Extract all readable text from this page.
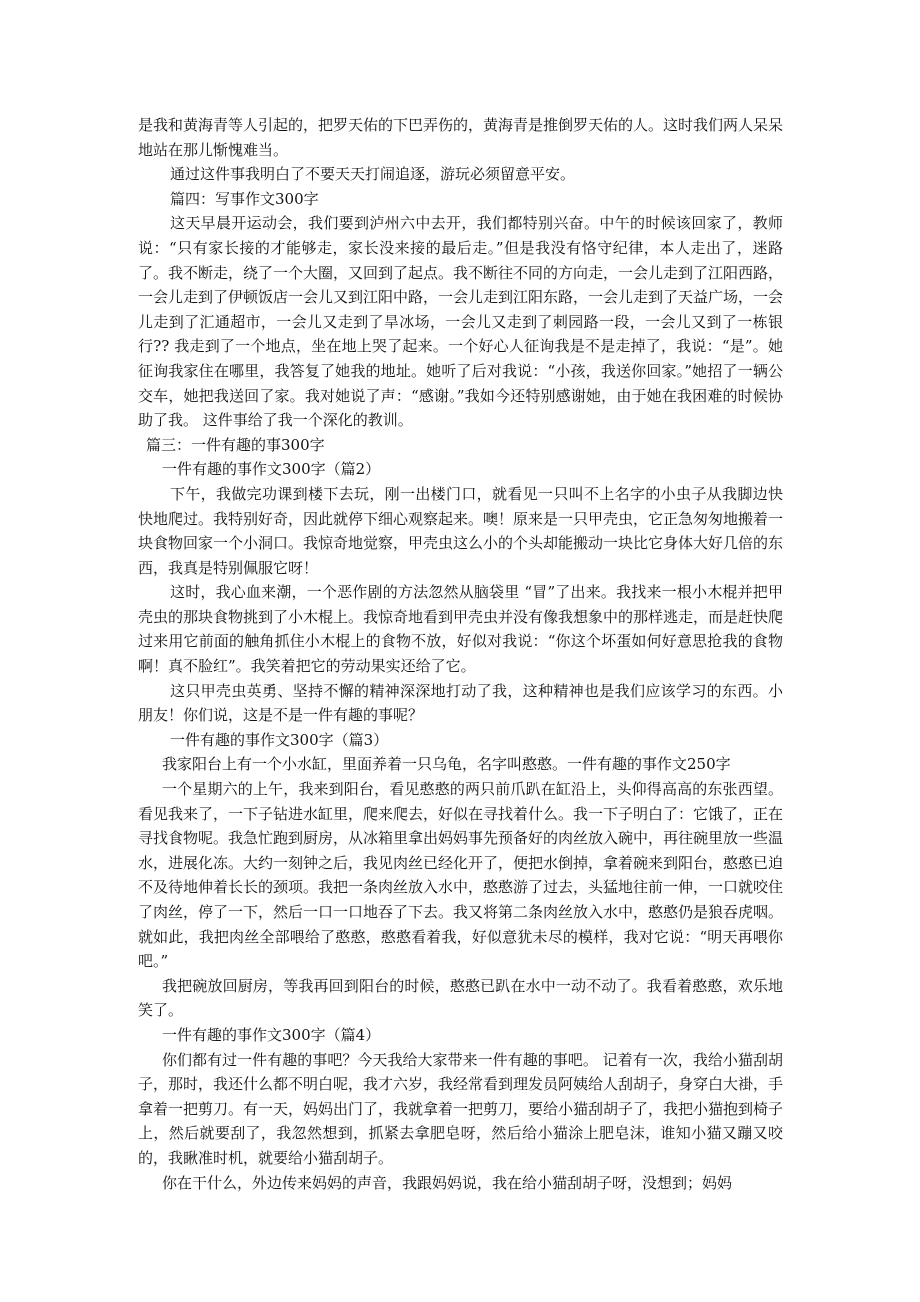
是我和黄海青等人引起的，把罗天佑的下巴弄伤的，黄海青是推倒罗天佑的人。这时我们两人呆呆地站在那儿惭愧难当。

通过这件事我明白了不要天天打闹追逐，游玩必须留意平安。

篇四：写事作文300字

这天早晨开运动会，我们要到泸州六中去开，我们都特别兴奋。中午的时候该回家了，教师说：“只有家长接的才能够走，家长没来接的最后走。”但是我没有恪守纪律，本人走出了，迷路了。我不断走，绕了一个大圈，又回到了起点。我不断往不同的方向走，一会儿走到了江阳西路，一会儿走到了伊顿饭店一会儿又到江阳中路，一会儿走到江阳东路，一会儿走到了天益广场，一会儿走到了汇通超市，一会儿又走到了旱冰场，一会儿又走到了刺园路一段，一会儿又到了一栋银行?? 我走到了一个地点，坐在地上哭了起来。一个好心人征询我是不是走掉了，我说：“是”。她征询我家住在哪里，我答复了她我的地址。她听了后对我说：“小孩，我送你回家。”她招了一辆公交车，她把我送回了家。我对她说了声：“感谢。”我如今还特别感谢她，由于她在我困难的时候协助了我。 这件事给了我一个深化的教训。

篇三：一件有趣的事300字

一件有趣的事作文300字（篇2）

下午，我做完功课到楼下去玩，刚一出楼门口，就看见一只叫不上名字的小虫子从我脚边快快地爬过。我特别好奇，因此就停下细心观察起来。噢！原来是一只甲壳虫，它正急匆匆地搬着一块食物回家一个小洞口。我惊奇地觉察，甲壳虫这么小的个头却能搬动一块比它身体大好几倍的东西，我真是特别佩服它呀！

这时，我心血来潮，一个恶作剧的方法忽然从脑袋里 “冒”了出来。我找来一根小木棍并把甲壳虫的那块食物挑到了小木棍上。我惊奇地看到甲壳虫并没有像我想象中的那样逃走，而是赶快爬过来用它前面的触角抓住小木棍上的食物不放，好似对我说：“你这个坏蛋如何好意思抢我的食物啊！真不脸红”。我笑着把它的劳动果实还给了它。

这只甲壳虫英勇、坚持不懈的精神深深地打动了我，这种精神也是我们应该学习的东西。小朋友！你们说，这是不是一件有趣的事呢？

一件有趣的事作文300字（篇3）

我家阳台上有一个小水缸，里面养着一只乌龟，名字叫憨憨。一件有趣的事作文250字

一个星期六的上午，我来到阳台，看见憨憨的两只前爪趴在缸沿上，头仰得高高的东张西望。看见我来了，一下子钻进水缸里，爬来爬去，好似在寻找着什么。我一下子明白了：它饿了，正在寻找食物呢。我急忙跑到厨房，从冰箱里拿出妈妈事先预备好的肉丝放入碗中，再往碗里放一些温水，进展化冻。大约一刻钟之后，我见肉丝已经化开了，便把水倒掉，拿着碗来到阳台，憨憨已迫不及待地伸着长长的颈项。我把一条肉丝放入水中，憨憨游了过去，头猛地往前一伸，一口就咬住了肉丝，停了一下，然后一口一口地吞了下去。我又将第二条肉丝放入水中，憨憨仍是狼吞虎咽。就如此，我把肉丝全部喂给了憨憨，憨憨看着我，好似意犹未尽的模样，我对它说：“明天再喂你吧。”

我把碗放回厨房，等我再回到阳台的时候，憨憨已趴在水中一动不动了。我看着憨憨，欢乐地笑了。

一件有趣的事作文300字（篇4）

你们都有过一件有趣的事吧？今天我给大家带来一件有趣的事吧。 记着有一次，我给小猫刮胡子，那时，我还什么都不明白呢，我才六岁，我经常看到理发员阿姨给人刮胡子，身穿白大褂，手拿着一把剪刀。有一天，妈妈出门了，我就拿着一把剪刀，要给小猫刮胡子了，我把小猫抱到椅子上，然后就要刮了，我忽然想到，抓紧去拿肥皂呀，然后给小猫涂上肥皂沫，谁知小猫又蹦又咬的，我瞅准时机，就要给小猫刮胡子。

你在干什么，外边传来妈妈的声音，我跟妈妈说，我在给小猫刮胡子呀，没想到；妈妈
